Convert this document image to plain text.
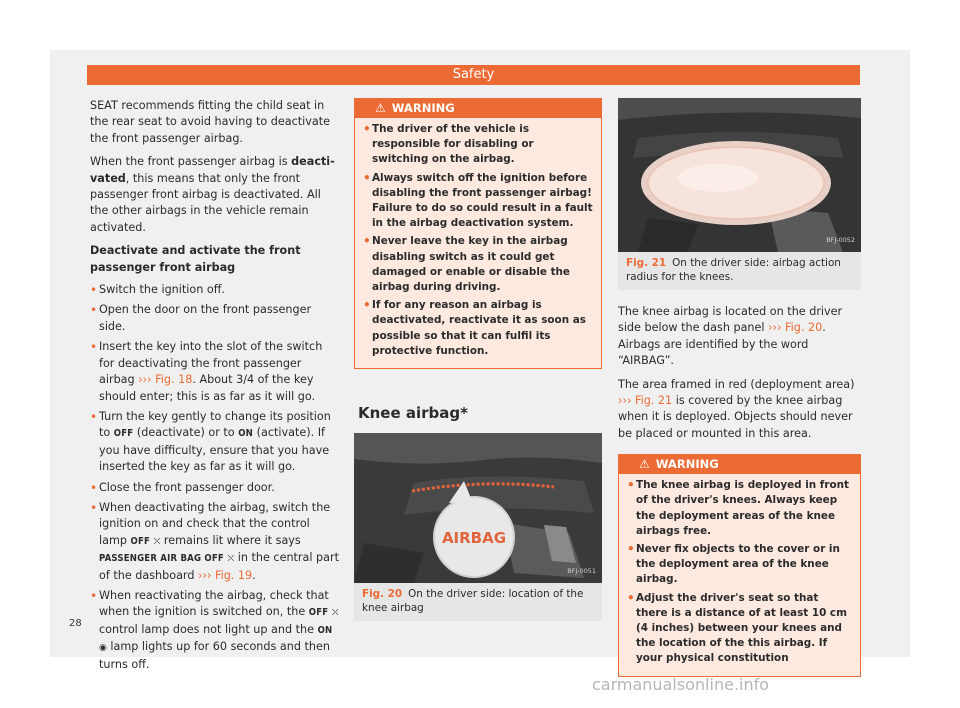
Safety

SEAT recommends fitting the child seat in the rear seat to avoid having to deactivate the front passenger airbag.

When the front passenger airbag is deactivated, this means that only the front passenger front airbag is deactivated. All the other airbags in the vehicle remain activated.

Deactivate and activate the front passenger front airbag
• Switch the ignition off.
• Open the door on the front passenger side.
• Insert the key into the slot of the switch for deactivating the front passenger airbag ››› Fig. 18. About 3/4 of the key should enter; this is as far as it will go.
• Turn the key gently to change its position to OFF (deactivate) or to ON (activate). If you have difficulty, ensure that you have inserted the key as far as it will go.
• Close the front passenger door.
• When deactivating the airbag, switch the ignition on and check that the control lamp OFF ⛌ remains lit where it says PASSENGER AIR BAG OFF ⛌ in the central part of the dashboard ››› Fig. 19.
• When reactivating the airbag, check that when the ignition is switched on, the OFF ⛌ control lamp does not light up and the ON ◉ lamp lights up for 60 seconds and then turns off.
⚠ WARNING
• The driver of the vehicle is responsible for disabling or switching on the airbag.
• Always switch off the ignition before disabling the front passenger airbag! Failure to do so could result in a fault in the airbag deactivation system.
• Never leave the key in the airbag disabling switch as it could get damaged or enable or disable the airbag during driving.
• If for any reason an airbag is deactivated, reactivate it as soon as possible so that it can fulfil its protective function.
Knee airbag*
AIRBAG
BFJ-0051
Fig. 20 On the driver side: location of the knee airbag
BFJ-0052
Fig. 21 On the driver side: airbag action radius for the knees.

The knee airbag is located on the driver side below the dash panel ››› Fig. 20. Airbags are identified by the word “AIRBAG”.

The area framed in red (deployment area) ››› Fig. 21 is covered by the knee airbag when it is deployed. Objects should never be placed or mounted in this area.

⚠ WARNING
• The knee airbag is deployed in front of the driver's knees. Always keep the deployment areas of the knee airbags free.
• Never fix objects to the cover or in the deployment area of the knee airbag.
• Adjust the driver's seat so that there is a distance of at least 10 cm (4 inches) between your knees and the location of the this airbag. If your physical constitution
28
carmanualsonline.info
